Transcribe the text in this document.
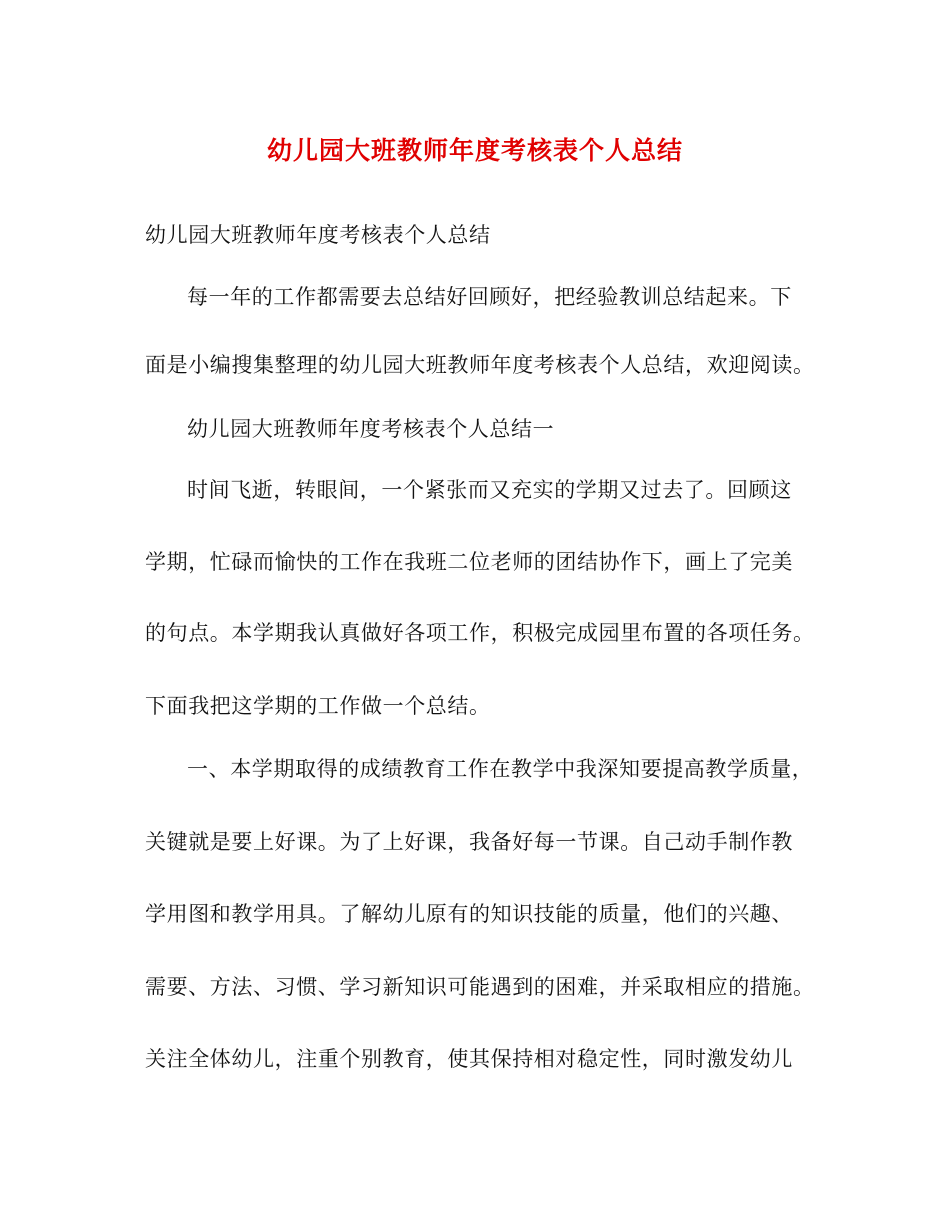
幼儿园大班教师年度考核表个人总结
幼儿园大班教师年度考核表个人总结
每一年的工作都需要去总结好回顾好，把经验教训总结起来。下
面是小编搜集整理的幼儿园大班教师年度考核表个人总结，欢迎阅读。
幼儿园大班教师年度考核表个人总结一
时间飞逝，转眼间，一个紧张而又充实的学期又过去了。回顾这
学期，忙碌而愉快的工作在我班二位老师的团结协作下，画上了完美
的句点。本学期我认真做好各项工作，积极完成园里布置的各项任务。
下面我把这学期的工作做一个总结。
一、本学期取得的成绩教育工作在教学中我深知要提高教学质量，
关键就是要上好课。为了上好课，我备好每一节课。自己动手制作教
学用图和教学用具。了解幼儿原有的知识技能的质量，他们的兴趣、
需要、方法、习惯、学习新知识可能遇到的困难，并采取相应的措施。
关注全体幼儿，注重个别教育，使其保持相对稳定性，同时激发幼儿
